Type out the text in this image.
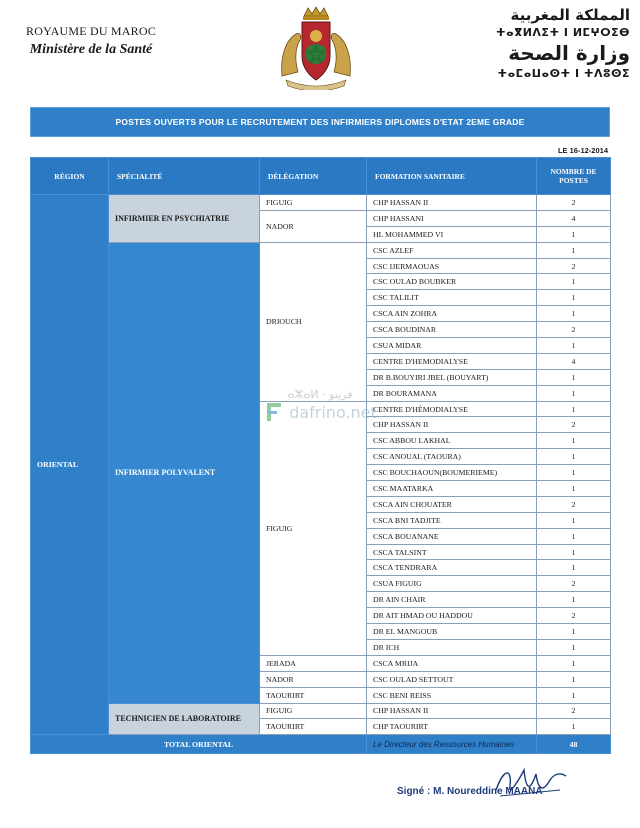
ROYAUME DU MAROC
Ministère de la Santé
المملكة المغربية
ⵜⴰⴳⵍⴷⵉⵜ ⵏ ⵍⵎⵖⵔⵉⴱ
وزارة الصحة
ⵜⴰⵎⴰⵡⴰⵙⵜ ⵏ ⵜⴷⵓⵙⵉ
POSTES OUVERTS POUR LE RECRUTEMENT DES INFIRMIERS DIPLOMES D'ETAT 2EME GRADE
LE 16-12-2014
RÉGION	SPÉCIALITÉ	DÉLÉGATION	FORMATION SANITAIRE	NOMBRE DE
POSTES
ORIENTAL	INFIRMIER EN PSYCHIATRIE	FIGUIG	CHP HASSAN II	2
		NADOR	CHP HASSANI	4
			HL MOHAMMED VI	1
	INFIRMIER POLYVALENT	DRIOUCH	CSC AZLEF	1
			CSC IJERMAOUAS	2
			CSC OULAD BOUBKER	1
			CSC TALILIT	1
			CSCA AIN ZOHRA	1
			CSCA BOUDINAR	2
			CSUA MIDAR	1
			CENTRE D'HEMODIALYSE	4
			DR B.BOUYIRI JBEL (BOUYART)	1
			DR BOURAMANA	1
		FIGUIG	CENTRE D'HÉMODIALYSE	1
			CHP HASSAN II	2
			CSC ABBOU LAKHAL	1
			CSC ANOUAL (TAOURA)	1
			CSC BOUCHAOUN(BOUMERIEME)	1
			CSC MAATARKA	1
			CSCA AIN CHOUATER	2
			CSCA BNI TADJITE	1
			CSCA BOUANANE	1
			CSCA TALSINT	1
			CSCA TENDRARA	1
			CSUA FIGUIG	2
			DR AIN CHAIR	1
			DR AIT HMAD OU HADDOU	2
			DR EL MANGOUB	1
			DR ICH	1
		JERADA	CSCA MRIJA	1
		NADOR	CSC OULAD SETTOUT	1
		TAOURIRT	CSC BENI REISS	1
	TECHNICIEN DE LABORATOIRE	FIGUIG	CHP HASSAN II	2
		TAOURIRT	CHP TAOURIRT	1
TOTAL ORIENTAL			Le Directeur des Ressources Humaines	48
ⴰⵣⴰⵍ · فرينو
dafrino.net
Signé : M. Noureddine MAANA
